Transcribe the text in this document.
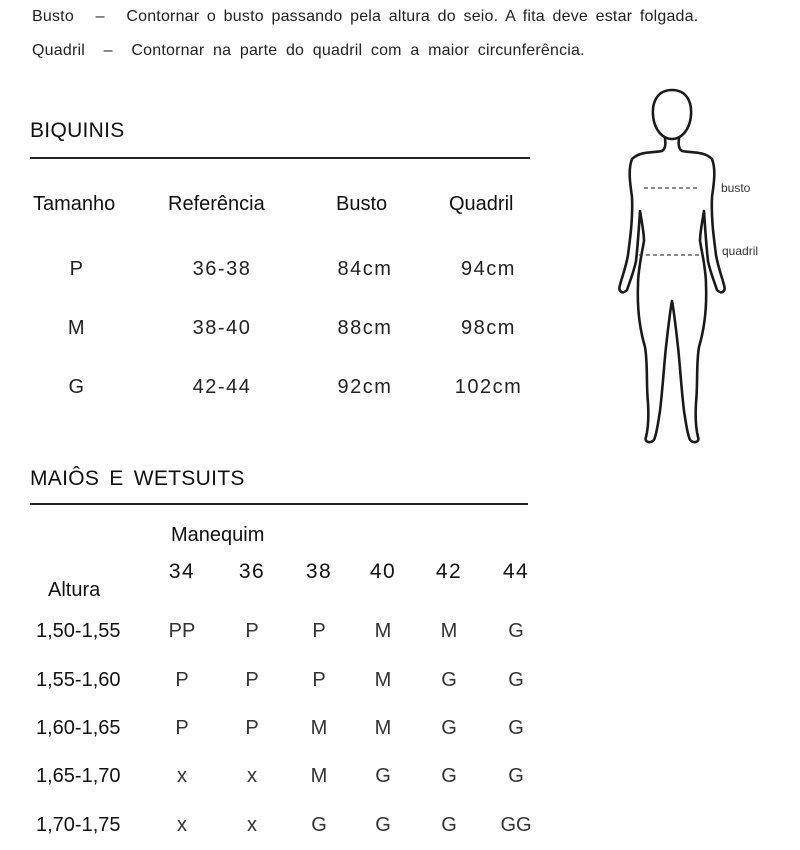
Busto – Contornar o busto passando pela altura do seio. A fita deve estar folgada.
Quadril – Contornar na parte do quadril com a maior circunferência.
BIQUINIS
Tamanho	Referência	Busto	Quadril
P	36-38	84cm	94cm
M	38-40	88cm	98cm
G	42-44	92cm	102cm
MAIÔS E WETSUITS
Manequim
Altura
34	36	38	40	42	44
1,50-1,55	PP	P	P	M	M	G
1,55-1,60	P	P	P	M	G	G
1,60-1,65	P	P	M	M	G	G
1,65-1,70	x	x	M	G	G	G
1,70-1,75	x	x	G	G	G	GG
busto
quadril
